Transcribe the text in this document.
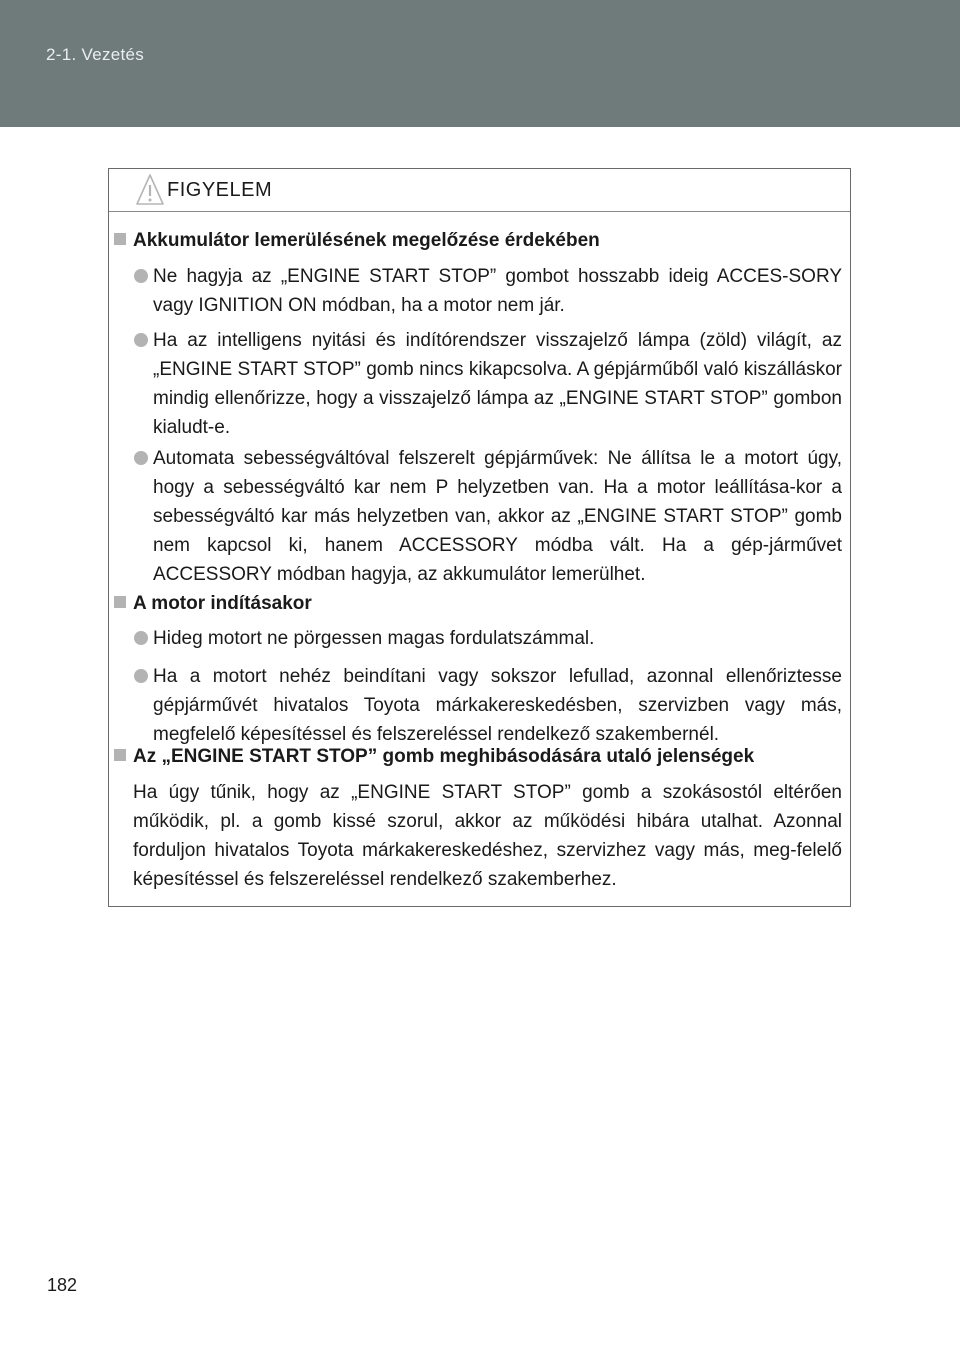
2-1. Vezetés
FIGYELEM
Akkumulátor lemerülésének megelőzése érdekében
Ne hagyja az „ENGINE START STOP” gombot hosszabb ideig ACCES-SORY vagy IGNITION ON módban, ha a motor nem jár.
Ha az intelligens nyitási és indítórendszer visszajelző lámpa (zöld) világít, az „ENGINE START STOP” gomb nincs kikapcsolva. A gépjárműből való kiszálláskor mindig ellenőrizze, hogy a visszajelző lámpa az „ENGINE START STOP” gombon kialudt-e.
Automata sebességváltóval felszerelt gépjárművek: Ne állítsa le a motort úgy, hogy a sebességváltó kar nem P helyzetben van. Ha a motor leállítása-kor a sebességváltó kar más helyzetben van, akkor az „ENGINE START STOP” gomb nem kapcsol ki, hanem ACCESSORY módba vált. Ha a gép-járművet ACCESSORY módban hagyja, az akkumulátor lemerülhet.
A motor indításakor
Hideg motort ne pörgessen magas fordulatszámmal.
Ha a motort nehéz beindítani vagy sokszor lefullad, azonnal ellenőriztesse gépjárművét hivatalos Toyota márkakereskedésben, szervizben vagy más, megfelelő képesítéssel és felszereléssel rendelkező szakembernél.
Az „ENGINE START STOP” gomb meghibásodására utaló jelenségek
Ha úgy tűnik, hogy az „ENGINE START STOP” gomb a szokásostól eltérően működik, pl. a gomb kissé szorul, akkor az működési hibára utalhat. Azonnal forduljon hivatalos Toyota márkakereskedéshez, szervizhez vagy más, meg-felelő képesítéssel és felszereléssel rendelkező szakemberhez.
182
